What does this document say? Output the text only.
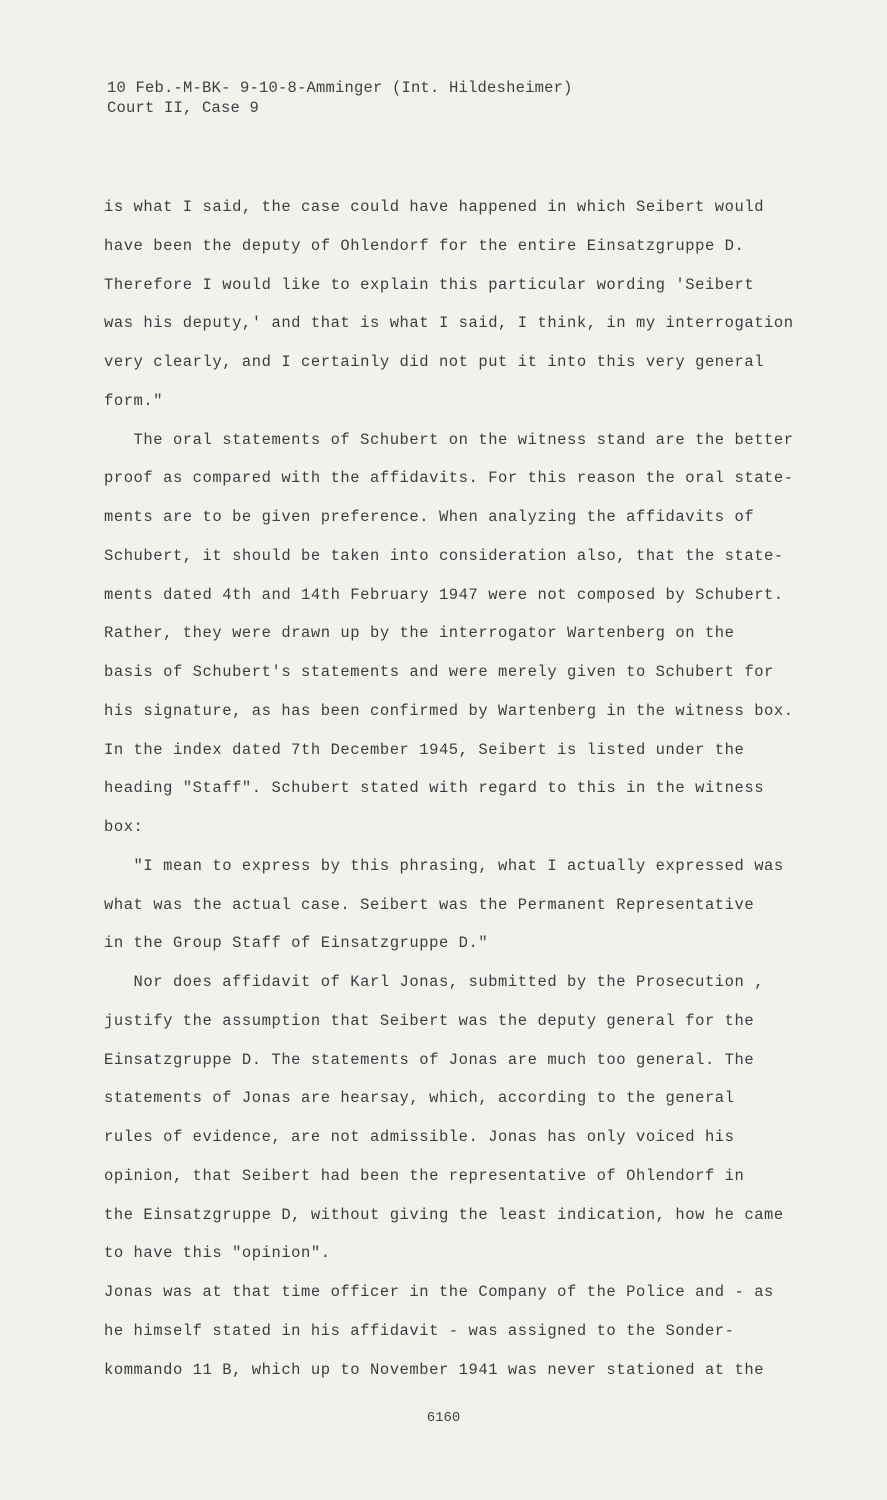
10 Feb.-M-BK- 9-10-8-Amminger (Int. Hildesheimer)
Court II, Case 9
is what I said, the case could have happened in which Seibert would
have been the deputy of Ohlendorf for the entire Einsatzgruppe D.
Therefore I would like to explain this particular wording 'Seibert
was his deputy,' and that is what I said, I think, in my interrogation
very clearly, and I certainly did not put it into this very general
form."
The oral statements of Schubert on the witness stand are the better
proof as compared with the affidavits. For this reason the oral state-
ments are to be given preference. When analyzing the affidavits of
Schubert, it should be taken into consideration also, that the state-
ments dated 4th and 14th February 1947 were not composed by Schubert.
Rather, they were drawn up by the interrogator Wartenberg on the
basis of Schubert's statements and were merely given to Schubert for
his signature, as has been confirmed by Wartenberg in the witness box.
In the index dated 7th December 1945, Seibert is listed under the
heading "Staff". Schubert stated with regard to this in the witness
box:
"I mean to express by this phrasing, what I actually expressed was
what was the actual case. Seibert was the Permanent Representative
in the Group Staff of Einsatzgruppe D."
Nor does affidavit of Karl Jonas, submitted by the Prosecution ,
justify the assumption that Seibert was the deputy general for the
Einsatzgruppe D. The statements of Jonas are much too general. The
statements of Jonas are hearsay, which, according to the general
rules of evidence, are not admissible. Jonas has only voiced his
opinion, that Seibert had been the representative of Ohlendorf in
the Einsatzgruppe D, without giving the least indication, how he came
to have this "opinion".
Jonas was at that time officer in the Company of the Police and - as
he himself stated in his affidavit - was assigned to the Sonder-
kommando 11 B, which up to November 1941 was never stationed at the
6160
